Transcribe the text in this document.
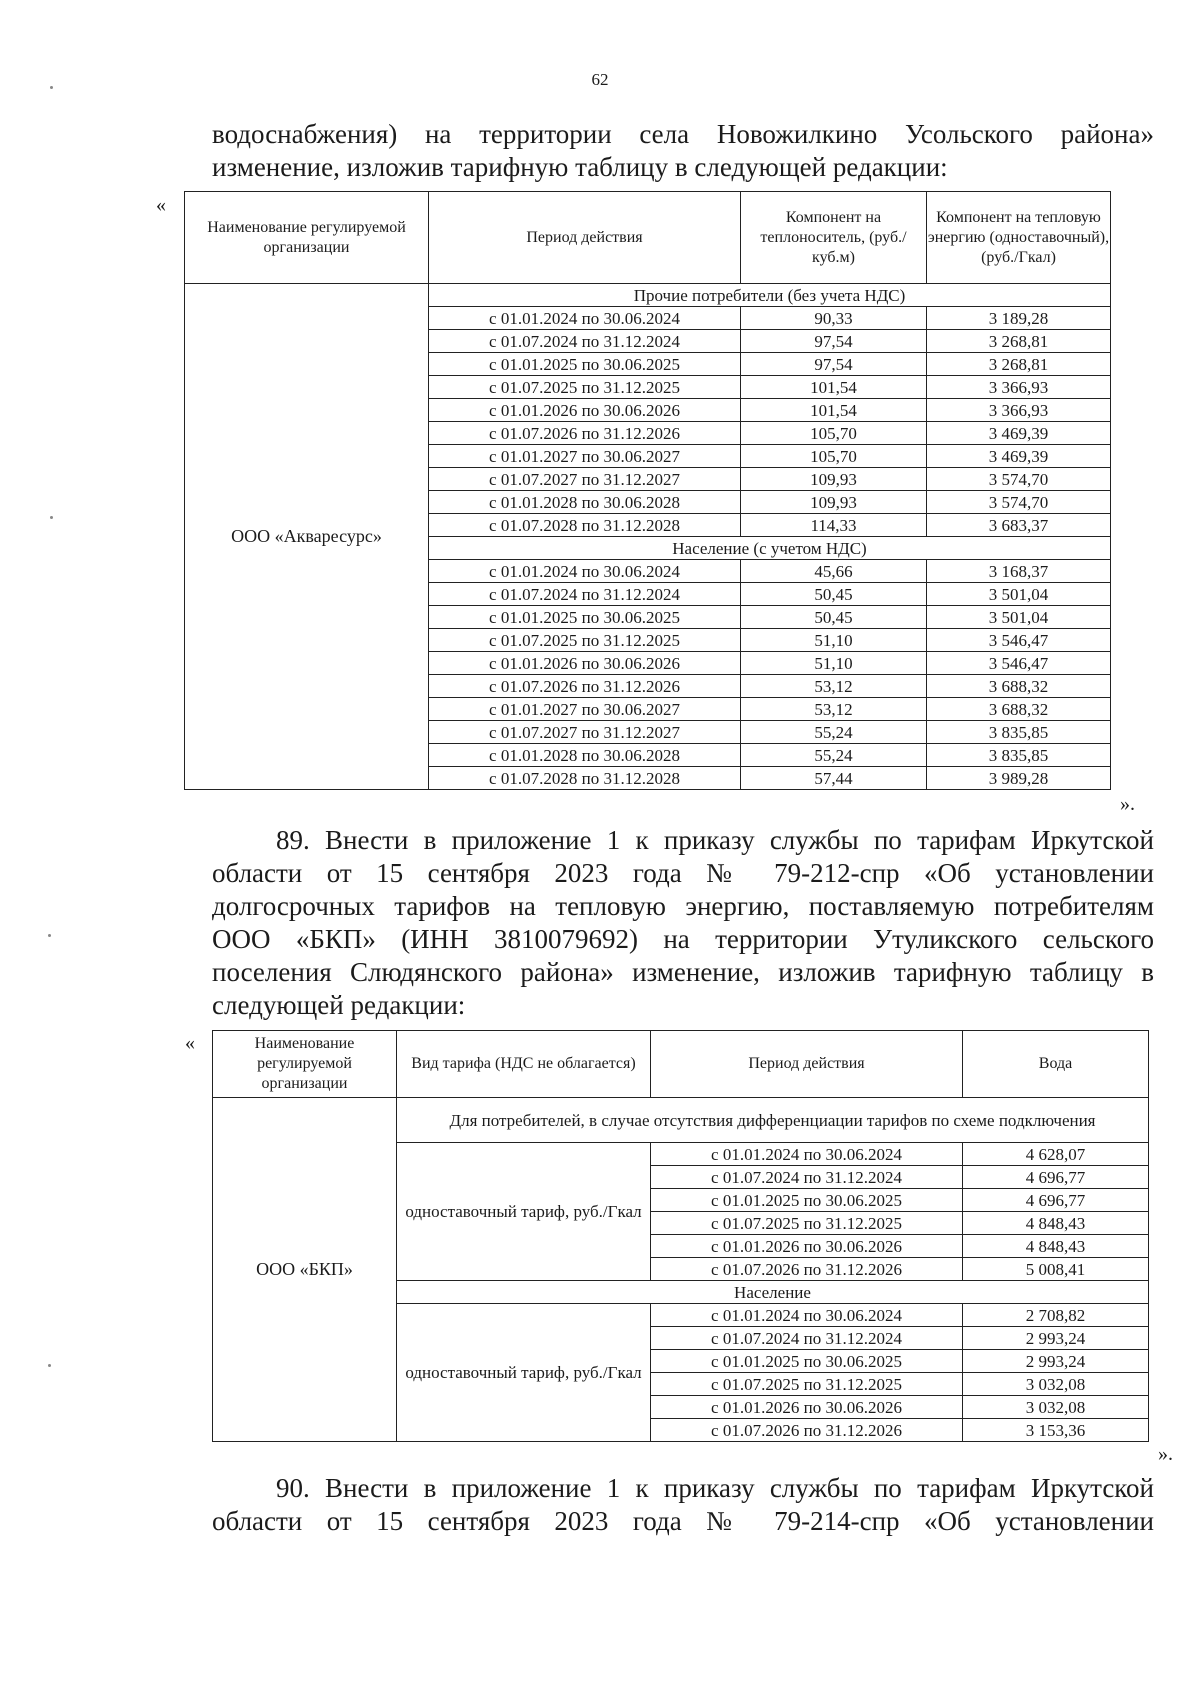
62
водоснабжения) на территории села Новожилкино Усольского района»
изменение, изложив тарифную таблицу в следующей редакции:
«
Наименование регулируемой организации	Период действия	Компонент на теплоноситель, (руб./куб.м)	Компонент на тепловую энергию (одноставочный), (руб./Гкал)
ООО «Акваресурс»	Прочие потребители (без учета НДС)		
	с 01.01.2024 по 30.06.2024	90,33	3 189,28
	с 01.07.2024 по 31.12.2024	97,54	3 268,81
	с 01.01.2025 по 30.06.2025	97,54	3 268,81
	с 01.07.2025 по 31.12.2025	101,54	3 366,93
	с 01.01.2026 по 30.06.2026	101,54	3 366,93
	с 01.07.2026 по 31.12.2026	105,70	3 469,39
	с 01.01.2027 по 30.06.2027	105,70	3 469,39
	с 01.07.2027 по 31.12.2027	109,93	3 574,70
	с 01.01.2028 по 30.06.2028	109,93	3 574,70
	с 01.07.2028 по 31.12.2028	114,33	3 683,37
	Население (с учетом НДС)		
	с 01.01.2024 по 30.06.2024	45,66	3 168,37
	с 01.07.2024 по 31.12.2024	50,45	3 501,04
	с 01.01.2025 по 30.06.2025	50,45	3 501,04
	с 01.07.2025 по 31.12.2025	51,10	3 546,47
	с 01.01.2026 по 30.06.2026	51,10	3 546,47
	с 01.07.2026 по 31.12.2026	53,12	3 688,32
	с 01.01.2027 по 30.06.2027	53,12	3 688,32
	с 01.07.2027 по 31.12.2027	55,24	3 835,85
	с 01.01.2028 по 30.06.2028	55,24	3 835,85
	с 01.07.2028 по 31.12.2028	57,44	3 989,28
».
89. Внести в приложение 1 к приказу службы по тарифам Иркутской
области от 15 сентября 2023 года № 79-212-спр «Об установлении
долгосрочных тарифов на тепловую энергию, поставляемую потребителям
ООО «БКП» (ИНН 3810079692) на территории Утуликского сельского
поселения Слюдянского района» изменение, изложив тарифную таблицу в
следующей редакции:
«	Наименование регулируемой организации	Вид тарифа (НДС не облагается)	Период действия	Вода
ООО «БКП»	Для потребителей, в случае отсутствия дифференциации тарифов по схеме подключения		
	одноставочный тариф, руб./Гкал	с 01.01.2024 по 30.06.2024	4 628,07
		с 01.07.2024 по 31.12.2024	4 696,77
		с 01.01.2025 по 30.06.2025	4 696,77
		с 01.07.2025 по 31.12.2025	4 848,43
		с 01.01.2026 по 30.06.2026	4 848,43
		с 01.07.2026 по 31.12.2026	5 008,41
	Население		
	одноставочный тариф, руб./Гкал	с 01.01.2024 по 30.06.2024	2 708,82
		с 01.07.2024 по 31.12.2024	2 993,24
		с 01.01.2025 по 30.06.2025	2 993,24
		с 01.07.2025 по 31.12.2025	3 032,08
		с 01.01.2026 по 30.06.2026	3 032,08
		с 01.07.2026 по 31.12.2026	3 153,36
».
90. Внести в приложение 1 к приказу службы по тарифам Иркутской
области от 15 сентября 2023 года № 79-214-спр «Об установлении
